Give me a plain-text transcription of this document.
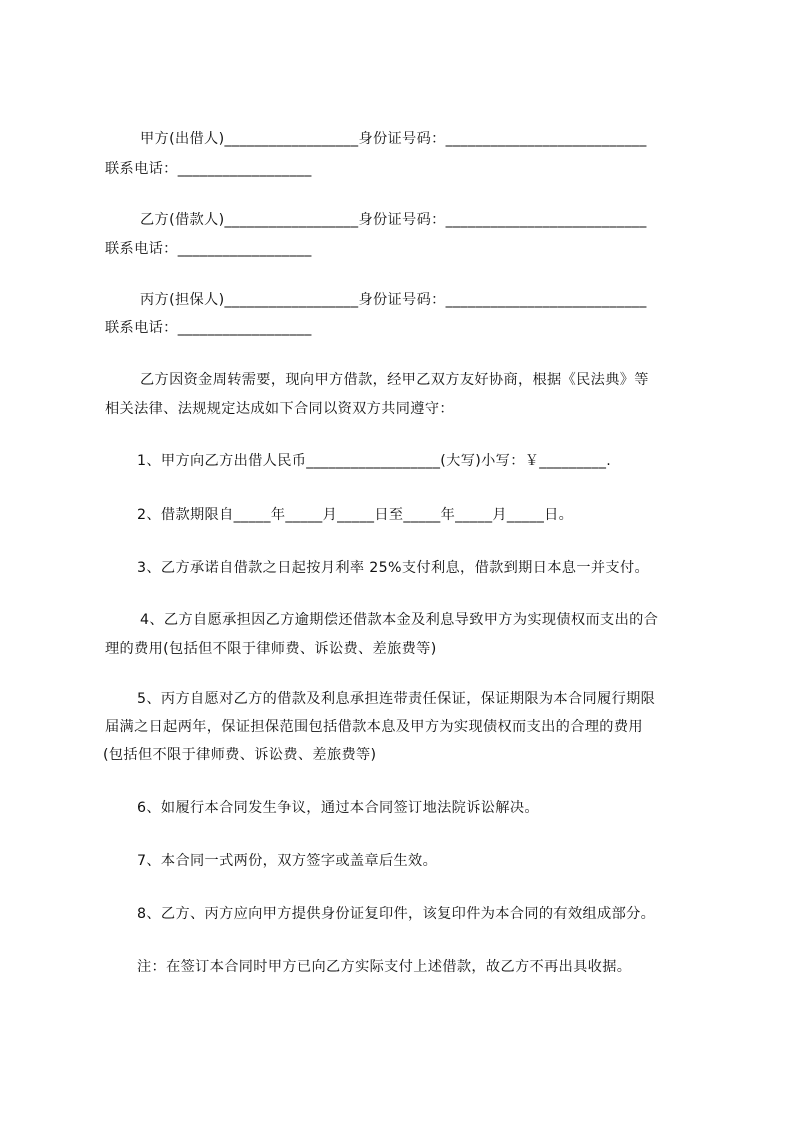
甲方(出借人)__________________身份证号码：___________________________
联系电话：__________________
乙方(借款人)__________________身份证号码：___________________________
联系电话：__________________
丙方(担保人)__________________身份证号码：___________________________
联系电话：__________________
乙方因资金周转需要，现向甲方借款，经甲乙双方友好协商，根据《民法典》等
相关法律、法规规定达成如下合同以资双方共同遵守：
1、甲方向乙方出借人民币__________________(大写)小写：￥_________.
2、借款期限自_____年_____月_____日至_____年_____月_____日。
3、乙方承诺自借款之日起按月利率 25%支付利息，借款到期日本息一并支付。
4、乙方自愿承担因乙方逾期偿还借款本金及利息导致甲方为实现债权而支出的合
理的费用(包括但不限于律师费、诉讼费、差旅费等)
5、丙方自愿对乙方的借款及利息承担连带责任保证，保证期限为本合同履行期限
届满之日起两年，保证担保范围包括借款本息及甲方为实现债权而支出的合理的费用
(包括但不限于律师费、诉讼费、差旅费等)
6、如履行本合同发生争议，通过本合同签订地法院诉讼解决。
7、本合同一式两份，双方签字或盖章后生效。
8、乙方、丙方应向甲方提供身份证复印件，该复印件为本合同的有效组成部分。
注：在签订本合同时甲方已向乙方实际支付上述借款，故乙方不再出具收据。
